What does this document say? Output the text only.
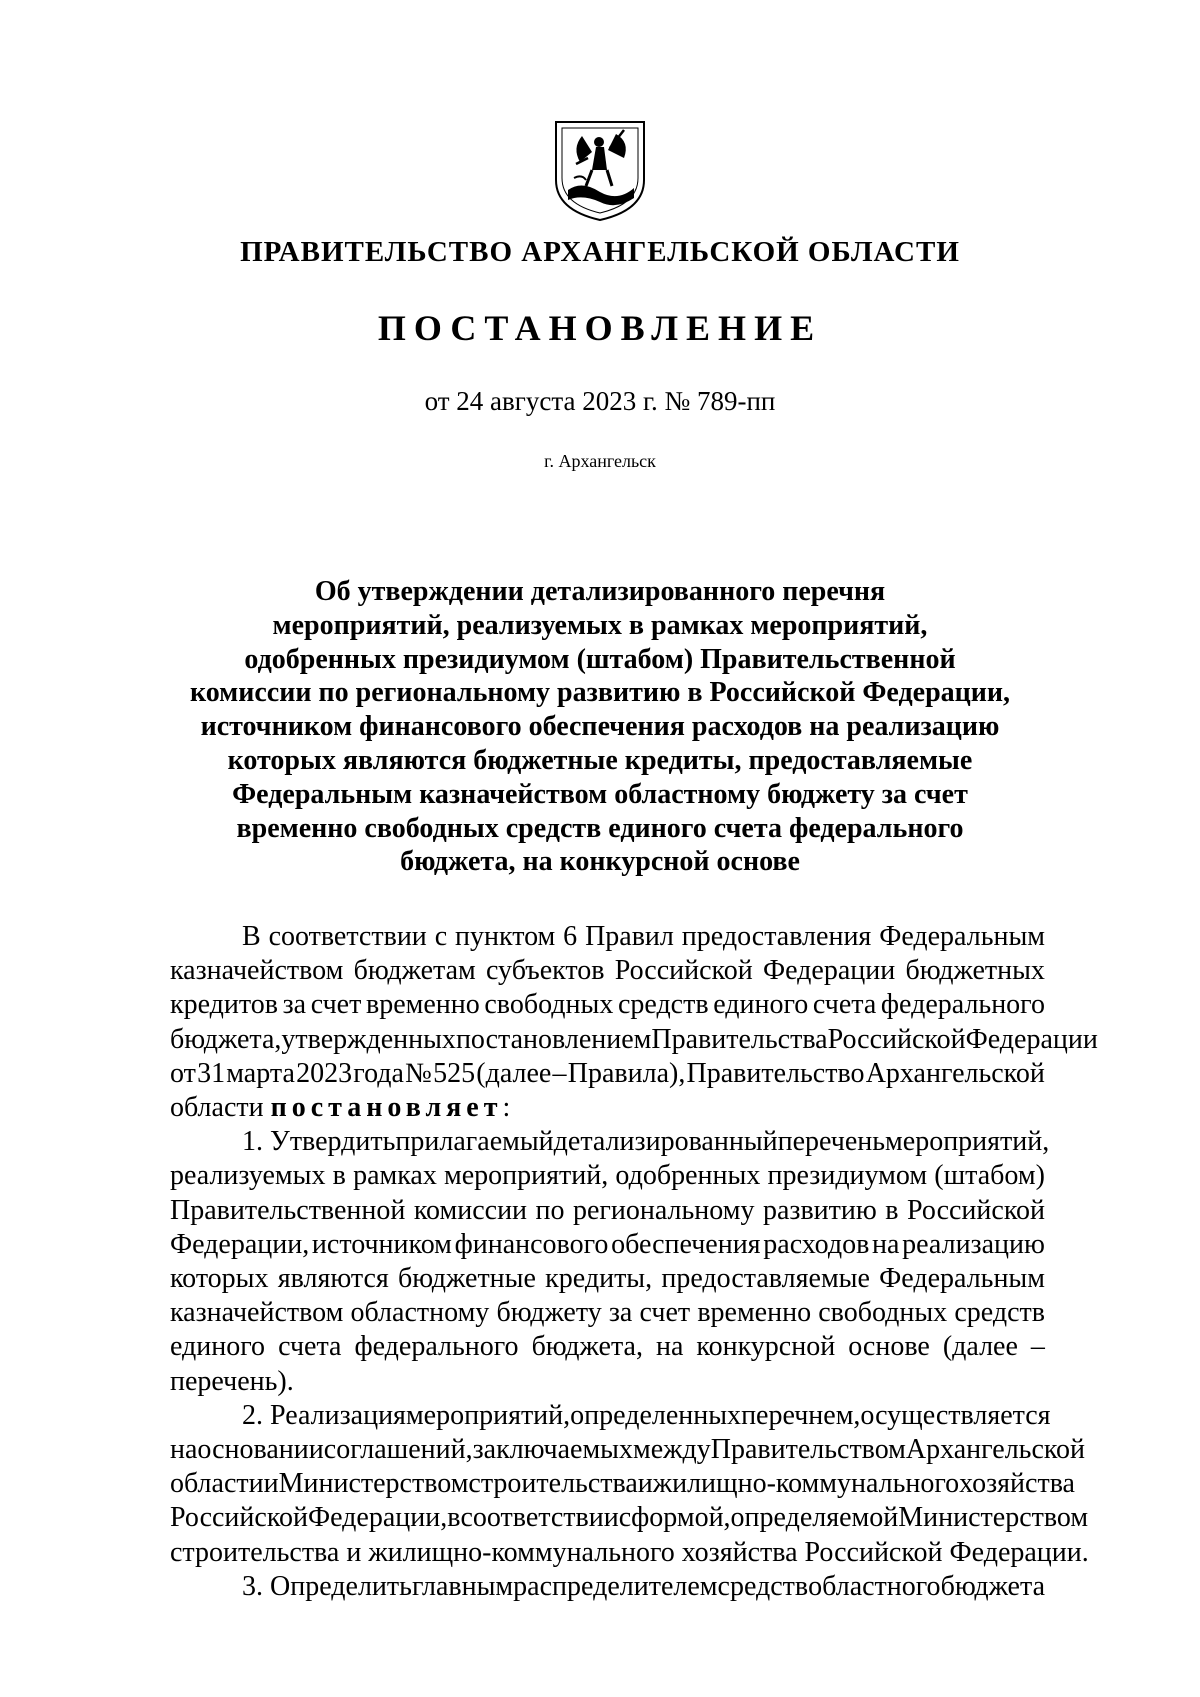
ПРАВИТЕЛЬСТВО АРХАНГЕЛЬСКОЙ ОБЛАСТИ
ПОСТАНОВЛЕНИЕ
от 24 августа 2023 г. № 789-пп
г. Архангельск
Об утверждении детализированного перечня
мероприятий, реализуемых в рамках мероприятий,
одобренных президиумом (штабом) Правительственной
комиссии по региональному развитию в Российской Федерации,
источником финансового обеспечения расходов на реализацию
которых являются бюджетные кредиты, предоставляемые
Федеральным казначейством областному бюджету за счет
временно свободных средств единого счета федерального
бюджета, на конкурсной основе
В соответствии с пунктом 6 Правил предоставления Федеральным
казначейством бюджетам субъектов Российской Федерации бюджетных
кредитов за счет временно свободных средств единого счета федерального
бюджета, утвержденных постановлением Правительства Российской Федерации
от 31 марта 2023 года № 525 (далее – Правила), Правительство Архангельской
области постановляет:
1. Утвердить прилагаемый детализированный перечень мероприятий,
реализуемых в рамках мероприятий, одобренных президиумом (штабом)
Правительственной комиссии по региональному развитию в Российской
Федерации, источником финансового обеспечения расходов на реализацию
которых являются бюджетные кредиты, предоставляемые Федеральным
казначейством областному бюджету за счет временно свободных средств
единого счета федерального бюджета, на конкурсной основе (далее –
перечень).
2. Реализация мероприятий, определенных перечнем, осуществляется
на основании соглашений, заключаемых между Правительством Архангельской
области и Министерством строительства и жилищно-коммунального хозяйства
Российской Федерации, в соответствии с формой, определяемой Министерством
строительства и жилищно-коммунального хозяйства Российской Федерации.
3. Определить главным распределителем средств областного бюджета
